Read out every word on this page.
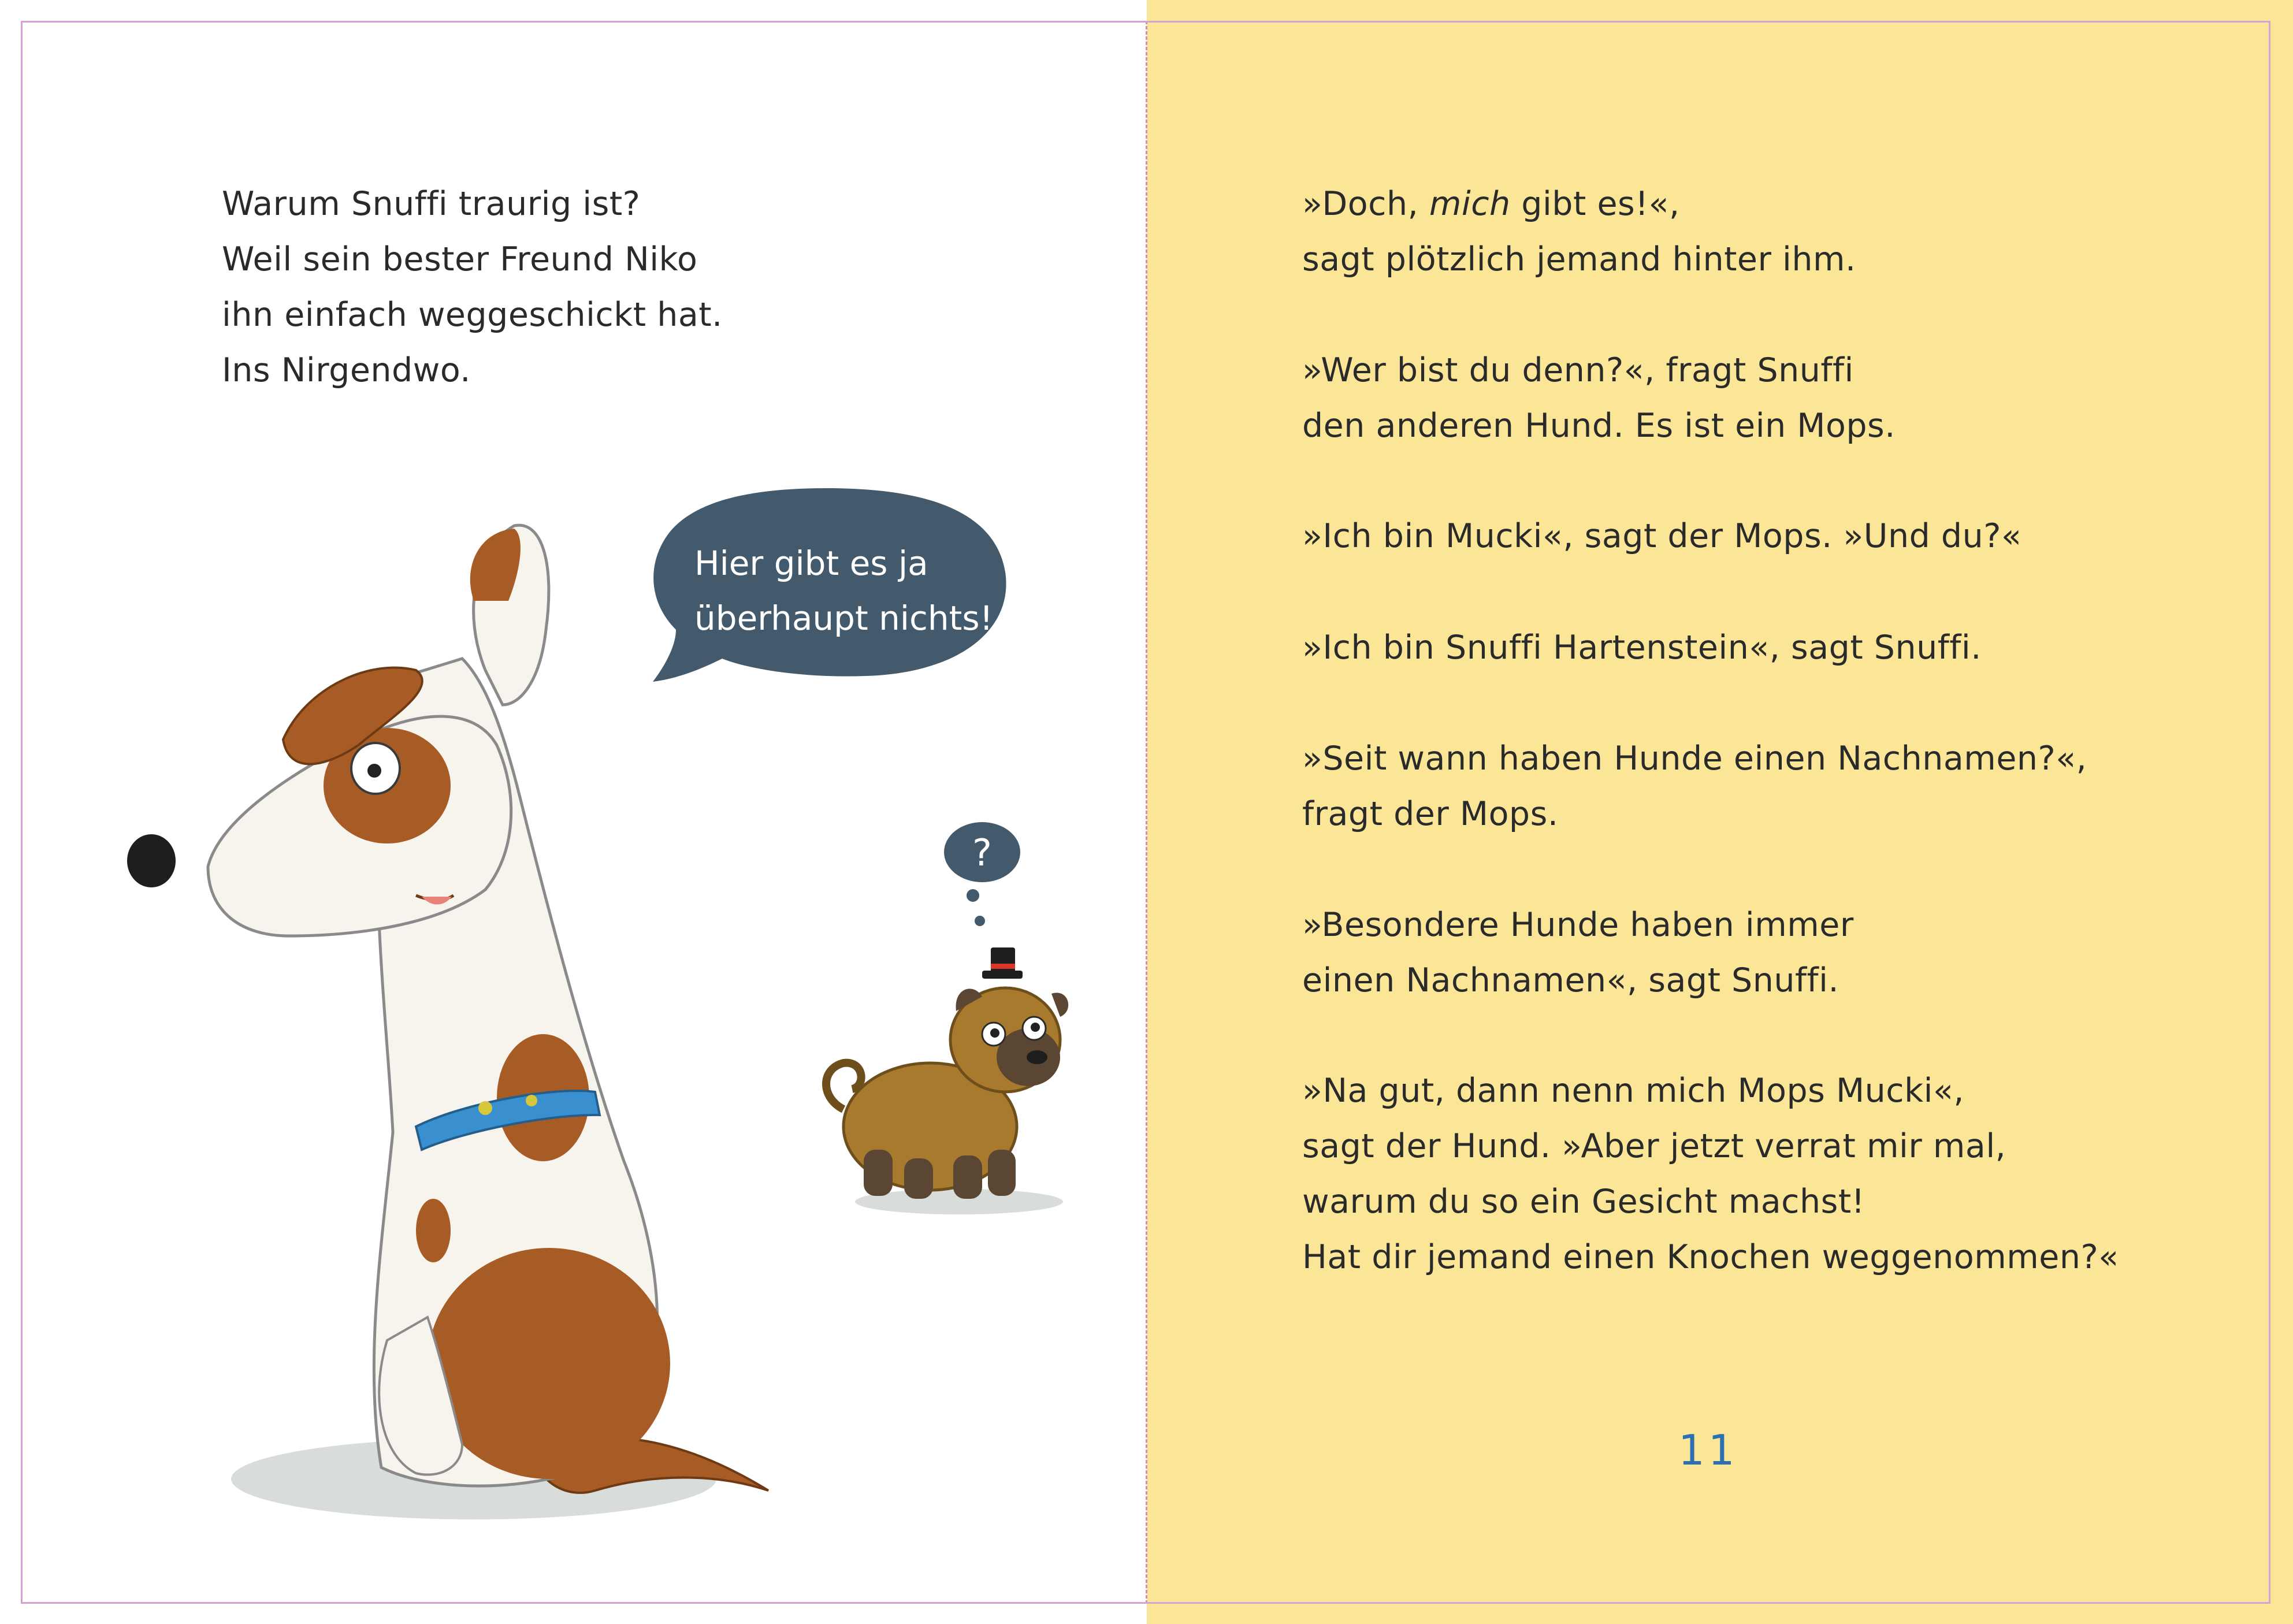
Warum Snuffi traurig ist?

Weil sein bester Freund Niko

ihn einfach weggeschickt hat.

Ins Nirgendwo.

Hier gibt es ja
überhaupt nichts!
?

»Doch, mich gibt es!«,

sagt plötzlich jemand hinter ihm.

»Wer bist du denn?«, fragt Snuffi

den anderen Hund. Es ist ein Mops.

»Ich bin Mucki«, sagt der Mops. »Und du?«

»Ich bin Snuffi Hartenstein«, sagt Snuffi.

»Seit wann haben Hunde einen Nachnamen?«,

fragt der Mops.

»Besondere Hunde haben immer

einen Nachnamen«, sagt Snuffi.

»Na gut, dann nenn mich Mops Mucki«,

sagt der Hund. »Aber jetzt verrat mir mal,

warum du so ein Gesicht machst!

Hat dir jemand einen Knochen weggenommen?«

11
